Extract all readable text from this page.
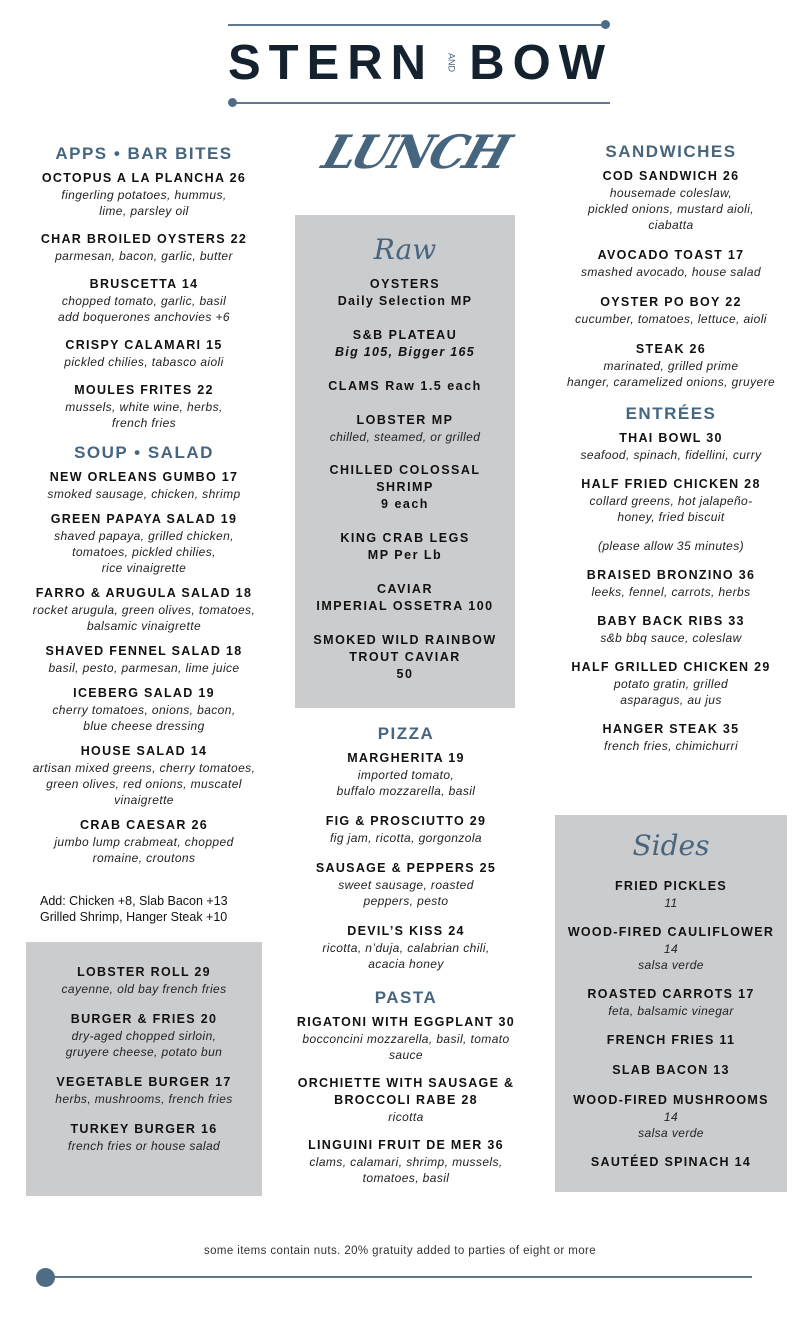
STERN AND BOW
LUNCH
APPS • BAR BITES
OCTOPUS A LA PLANCHA 26
fingerling potatoes, hummus,
lime, parsley oil
CHAR BROILED OYSTERS 22
parmesan, bacon, garlic, butter
BRUSCETTA 14
chopped tomato, garlic, basil
add boquerones anchovies +6
CRISPY CALAMARI 15
pickled chilies, tabasco aioli
MOULES FRITES 22
mussels, white wine, herbs,
french fries
SOUP • SALAD
NEW ORLEANS GUMBO 17
smoked sausage, chicken, shrimp
GREEN PAPAYA SALAD 19
shaved papaya, grilled chicken,
tomatoes, pickled chilies,
rice vinaigrette
FARRO & ARUGULA SALAD 18
rocket arugula, green olives, tomatoes,
balsamic vinaigrette
SHAVED FENNEL SALAD 18
basil, pesto, parmesan, lime juice
ICEBERG SALAD 19
cherry tomatoes, onions, bacon,
blue cheese dressing
HOUSE SALAD 14
artisan mixed greens, cherry tomatoes,
green olives, red onions, muscatel
vinaigrette
CRAB CAESAR 26
jumbo lump crabmeat, chopped
romaine, croutons
Add: Chicken +8, Slab Bacon +13
Grilled Shrimp, Hanger Steak +10
LOBSTER ROLL 29
cayenne, old bay french fries
BURGER & FRIES 20
dry-aged chopped sirloin,
gruyere cheese, potato bun
VEGETABLE BURGER 17
herbs, mushrooms, french fries
TURKEY BURGER 16
french fries or house salad
Raw
OYSTERS
Daily Selection MP
S&B PLATEAU
Big 105, Bigger 165
CLAMS Raw 1.5 each
LOBSTER MP
chilled, steamed, or grilled
CHILLED COLOSSAL
SHRIMP
9 each
KING CRAB LEGS
MP Per Lb
CAVIAR
IMPERIAL OSSETRA 100
SMOKED WILD RAINBOW
TROUT CAVIAR
50
PIZZA
MARGHERITA 19
imported tomato,
buffalo mozzarella, basil
FIG & PROSCIUTTO 29
fig jam, ricotta, gorgonzola
SAUSAGE & PEPPERS 25
sweet sausage, roasted
peppers, pesto
DEVIL’S KISS 24
ricotta, n’duja, calabrian chili,
acacia honey
PASTA
RIGATONI WITH EGGPLANT 30
bocconcini mozzarella, basil, tomato
sauce
ORCHIETTE WITH SAUSAGE &
BROCCOLI RABE 28
ricotta
LINGUINI FRUIT DE MER 36
clams, calamari, shrimp, mussels,
tomatoes, basil
SANDWICHES
COD SANDWICH 26
housemade coleslaw,
pickled onions, mustard aioli,
ciabatta
AVOCADO TOAST 17
smashed avocado, house salad
OYSTER PO BOY 22
cucumber, tomatoes, lettuce, aioli
STEAK 26
marinated, grilled prime
hanger, caramelized onions, gruyere
ENTRÉES
THAI BOWL 30
seafood, spinach, fidellini, curry
HALF FRIED CHICKEN 28
collard greens, hot jalapeño-
honey, fried biscuit
(please allow 35 minutes)
BRAISED BRONZINO 36
leeks, fennel, carrots, herbs
BABY BACK RIBS 33
s&b bbq sauce, coleslaw
HALF GRILLED CHICKEN 29
potato gratin, grilled
asparagus, au jus
HANGER STEAK 35
french fries, chimichurri
Sides
FRIED PICKLES
11
WOOD-FIRED CAULIFLOWER
14
salsa verde
ROASTED CARROTS 17
feta, balsamic vinegar
FRENCH FRIES 11
SLAB BACON 13
WOOD-FIRED MUSHROOMS
14
salsa verde
SAUTÉED SPINACH 14
some items contain nuts. 20% gratuity added to parties of eight or more
